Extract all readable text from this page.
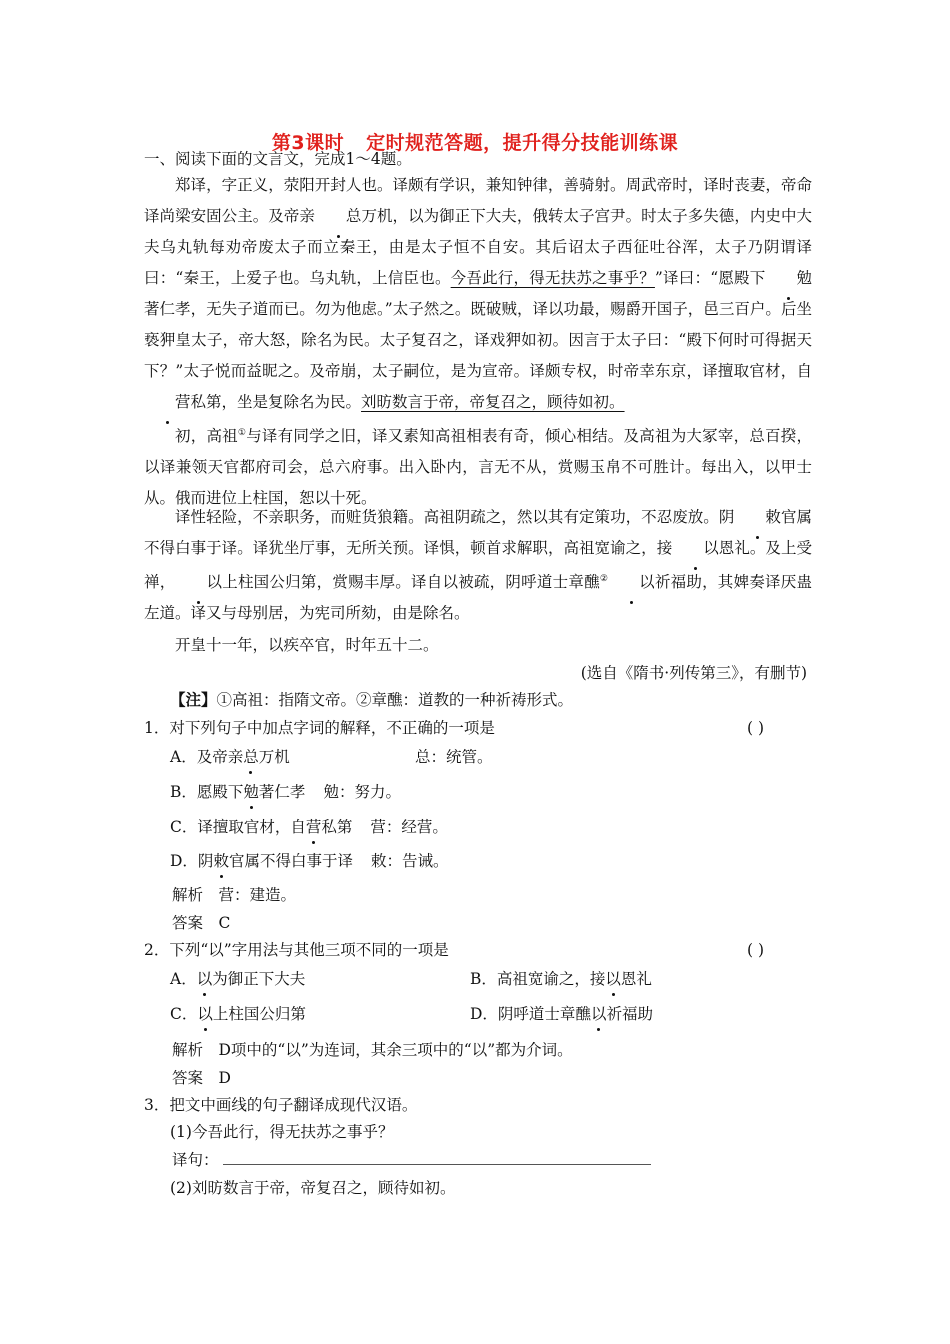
第3课时 定时规范答题，提升得分技能训练课
一、阅读下面的文言文，完成1～4题。
郑译，字正义，荥阳开封人也。译颇有学识，兼知钟律，善骑射。周武帝时，译时丧妻，帝命译尚梁安固公主。及帝亲 总万机，以为御正下大夫，俄转太子宫尹。时太子多失德，内史中大夫乌丸轨每劝帝废太子而立秦王，由是太子恒不自安。其后诏太子西征吐谷浑，太子乃阴谓译曰：“秦王，上爱子也。乌丸轨，上信臣也。今吾此行，得无扶苏之事乎？”译曰：“愿殿下 勉著仁孝，无失子道而已。勿为他虑。”太子然之。既破贼，译以功最，赐爵开国子，邑三百户。后坐亵狎皇太子，帝大怒，除名为民。太子复召之，译戏狎如初。因言于太子曰：“殿下何时可得据天下？”太子悦而益昵之。及帝崩，太子嗣位，是为宣帝。译颇专权，时帝幸东京，译擅取官材，自营私第，坐是复除名为民。刘昉数言于帝，帝复召之，顾待如初。
初，高祖①与译有同学之旧，译又素知高祖相表有奇，倾心相结。及高祖为大冢宰，总百揆，以译兼领天官都府司会，总六府事。出入卧内，言无不从，赏赐玉帛不可胜计。每出入，以甲士从。俄而进位上柱国，恕以十死。
译性轻险，不亲职务，而赃货狼籍。高祖阴疏之，然以其有定策功，不忍废放。阴 敕官属不得白事于译。译犹坐厅事，无所关预。译惧，顿首求解职，高祖宽谕之，接 以恩礼。及上受禅， 以上柱国公归第，赏赐丰厚。译自以被疏，阴呼道士章醮② 以祈福助，其婢奏译厌蛊左道。译又与母别居，为宪司所劾，由是除名。
开皇十一年，以疾卒官，时年五十二。
(选自《隋书·列传第三》，有删节)
【注】①高祖：指隋文帝。②章醮：道教的一种祈祷形式。
1．对下列句子中加点字词的解释，不正确的一项是	( )
A．及帝亲总万机	总：统管。
B．愿殿下勉著仁孝 勉：努力。
C．译擅取官材，自营私第 营：经营。
D．阴敕官属不得白事于译 敕：告诫。
解析　营：建造。
答案　C
2．下列“以”字用法与其他三项不同的一项是	( )
A．以为御正下大夫	B．高祖宽谕之，接以恩礼
C．以上柱国公归第	D．阴呼道士章醮以祈福助
解析　D项中的“以”为连词，其余三项中的“以”都为介词。
答案　D
3．把文中画线的句子翻译成现代汉语。
(1)今吾此行，得无扶苏之事乎？
译句：
(2)刘昉数言于帝，帝复召之，顾待如初。
